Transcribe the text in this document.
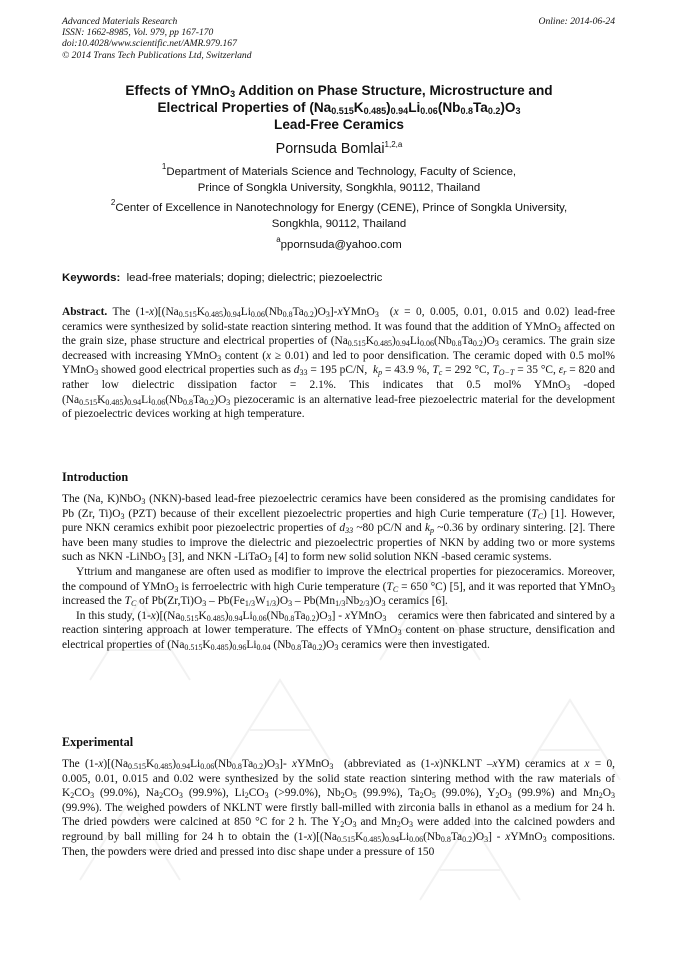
Advanced Materials Research
ISSN: 1662-8985, Vol. 979, pp 167-170
doi:10.4028/www.scientific.net/AMR.979.167
© 2014 Trans Tech Publications Ltd, Switzerland
Online: 2014-06-24
Effects of YMnO$_3$ Addition on Phase Structure, Microstructure and
Electrical Properties of $(Na_{0.515}K_{0.485})_{0.94}Li_{0.06}(Nb_{0.8}Ta_{0.2})O_3$
Lead-Free Ceramics
Pornsuda Bomlai$^{1,2,a}$
$^1$Department of Materials Science and Technology, Faculty of Science,
Prince of Songkla University, Songkhla, 90112, Thailand
$^2$Center of Excellence in Nanotechnology for Energy (CENE), Prince of Songkla University,
Songkhla, 90112, Thailand
$^a$ppornsuda@yahoo.com
Keywords: lead-free materials; doping; dielectric; piezoelectric

Abstract. The $(1-x)[(Na_{0.515}K_{0.485})_{0.94}Li_{0.06}(Nb_{0.8}Ta_{0.2})O_3]-xYMnO_3$  (x = 0, 0.005, 0.01, 0.015 and 0.02) lead-free ceramics were synthesized by solid-state reaction sintering method. It was found that the addition of YMnO$_3$ affected on the grain size, phase structure and electrical properties of $(Na_{0.515}K_{0.485})_{0.94}Li_{0.06}(Nb_{0.8}Ta_{0.2})O_3$ ceramics. The grain size decreased with increasing YMnO$_3$ content (x ≥ 0.01) and led to poor densification. The ceramic doped with 0.5 mol% YMnO$_3$ showed good electrical properties such as $d_{33} = 195$ pC/N,  $k_p = 43.9$ %, $T_c = 292$ °C, $T_{O-T} = 35$ °C, $\varepsilon_r = 820$ and rather low dielectric dissipation factor = 2.1%. This indicates that 0.5 mol% YMnO$_3$ -doped $(Na_{0.515}K_{0.485})_{0.94}Li_{0.06}(Nb_{0.8}Ta_{0.2})O_3$ piezoceramic is an alternative lead-free piezoelectric material for the development of piezoelectric devices working at high temperature.

Introduction

The (Na, K)NbO$_3$ (NKN)-based lead-free piezoelectric ceramics have been considered as the promising candidates for Pb (Zr, $Ti)O_3$ (PZT) because of their excellent piezoelectric properties and high Curie temperature $(T_C)$ [1]. However, pure NKN ceramics exhibit poor piezoelectric properties of $d_{33}$ ~80 pC/N and $k_p$ ~0.36 by ordinary sintering. [2]. There have been many studies to improve the dielectric and piezoelectric properties of NKN by adding two or more systems such as NKN -LiNbO$_3$ [3], and NKN -LiTaO$_3$ [4] to form new solid solution NKN -based ceramic systems.

Yttrium and manganese are often used as modifier to improve the electrical properties for piezoceramics. Moreover, the compound of YMnO$_3$ is ferroelectric with high Curie temperature ($T_C = 650$ °C) [5], and it was reported that YMnO$_3$ increased the $T_C$ of $Pb(Zr,Ti)O_3 - Pb(Fe_{1/3}W_{1/3})O_3 - Pb(Mn_{1/3}Nb_{2/3})O_3$ ceramics [6].

In this study, $(1-x)[(Na_{0.515}K_{0.485})_{0.94}Li_{0.06}(Nb_{0.8}Ta_{0.2})O_3]$ - xYMnO$_3$    ceramics were then fabricated and sintered by a reaction sintering approach at lower temperature. The effects of YMnO$_3$ content on phase structure, densification and electrical properties of $(Na_{0.515}K_{0.485})_{0.96}Li_{0.04}$ $(Nb_{0.8}Ta_{0.2})O_3$ ceramics were then investigated.

Experimental

The $(1-x)[(Na_{0.515}K_{0.485})_{0.94}Li_{0.06}(Nb_{0.8}Ta_{0.2})O_3]-$ xYMnO$_3$  (abbreviated as (1-x)NKLNT –xYM) ceramics at x = 0, 0.005, 0.01, 0.015 and 0.02 were synthesized by the solid state reaction sintering method with the raw materials of $K_2CO_3$ (99.0%), $Na_2CO_3$ (99.9%), $Li_2CO_3$ (>99.0%), $Nb_2O_5$ (99.9%), $Ta_2O_5$ (99.0%), $Y_2O_3$ (99.9%) and $Mn_2O_3$ (99.9%). The weighed powders of NKLNT were firstly ball-milled with zirconia balls in ethanol as a medium for 24 h. The dried powders were calcined at 850 °C for 2 h. The $Y_2O_3$ and $Mn_2O_3$ were added into the calcined powders and reground by ball milling for 24 h to obtain the $(1-x)[(Na_{0.515}K_{0.485})_{0.94}Li_{0.06}(Nb_{0.8}Ta_{0.2})O_3]$ - xYMnO$_3$ compositions. Then, the powders were dried and pressed into disc shape under a pressure of 150
